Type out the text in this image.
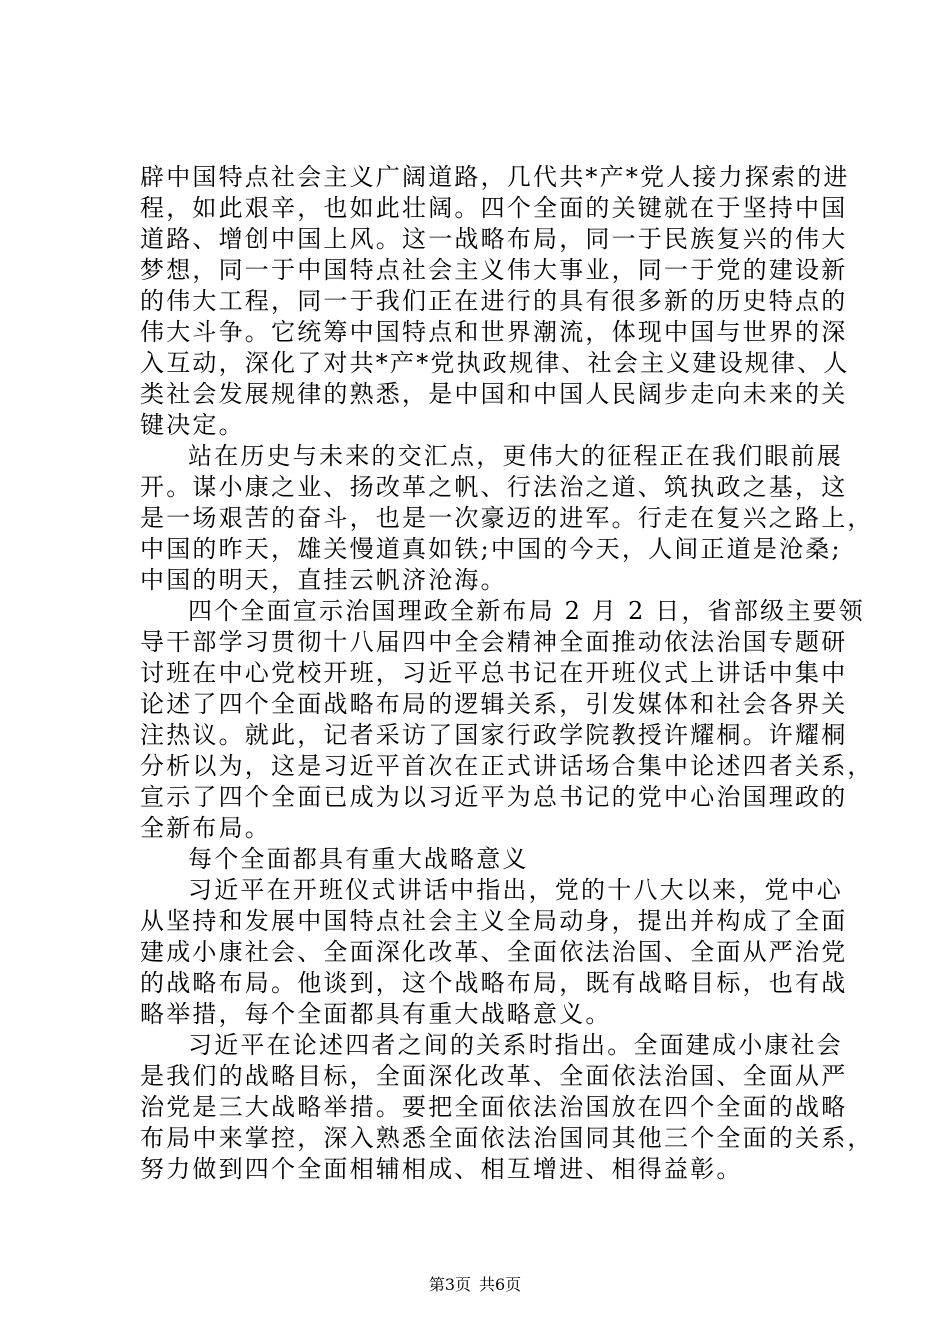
辟中国特点社会主义广阔道路，几代共*产*党人接力探索的进
程，如此艰辛，也如此壮阔。四个全面的关键就在于坚持中国
道路、增创中国上风。这一战略布局，同一于民族复兴的伟大
梦想，同一于中国特点社会主义伟大事业，同一于党的建设新
的伟大工程，同一于我们正在进行的具有很多新的历史特点的
伟大斗争。它统筹中国特点和世界潮流，体现中国与世界的深
入互动，深化了对共*产*党执政规律、社会主义建设规律、人
类社会发展规律的熟悉，是中国和中国人民阔步走向未来的关
键决定。
站在历史与未来的交汇点，更伟大的征程正在我们眼前展
开。谋小康之业、扬改革之帆、行法治之道、筑执政之基，这
是一场艰苦的奋斗，也是一次豪迈的进军。行走在复兴之路上，
中国的昨天，雄关慢道真如铁;中国的今天，人间正道是沧桑;
中国的明天，直挂云帆济沧海。
四个全面宣示治国理政全新布局 2 月 2 日，省部级主要领
导干部学习贯彻十八届四中全会精神全面推动依法治国专题研
讨班在中心党校开班，习近平总书记在开班仪式上讲话中集中
论述了四个全面战略布局的逻辑关系，引发媒体和社会各界关
注热议。就此，记者采访了国家行政学院教授许耀桐。许耀桐
分析以为，这是习近平首次在正式讲话场合集中论述四者关系，
宣示了四个全面已成为以习近平为总书记的党中心治国理政的
全新布局。
每个全面都具有重大战略意义
习近平在开班仪式讲话中指出，党的十八大以来，党中心
从坚持和发展中国特点社会主义全局动身，提出并构成了全面
建成小康社会、全面深化改革、全面依法治国、全面从严治党
的战略布局。他谈到，这个战略布局，既有战略目标，也有战
略举措，每个全面都具有重大战略意义。
习近平在论述四者之间的关系时指出。全面建成小康社会
是我们的战略目标，全面深化改革、全面依法治国、全面从严
治党是三大战略举措。要把全面依法治国放在四个全面的战略
布局中来掌控，深入熟悉全面依法治国同其他三个全面的关系，
努力做到四个全面相辅相成、相互增进、相得益彰。
第3页 共6页
